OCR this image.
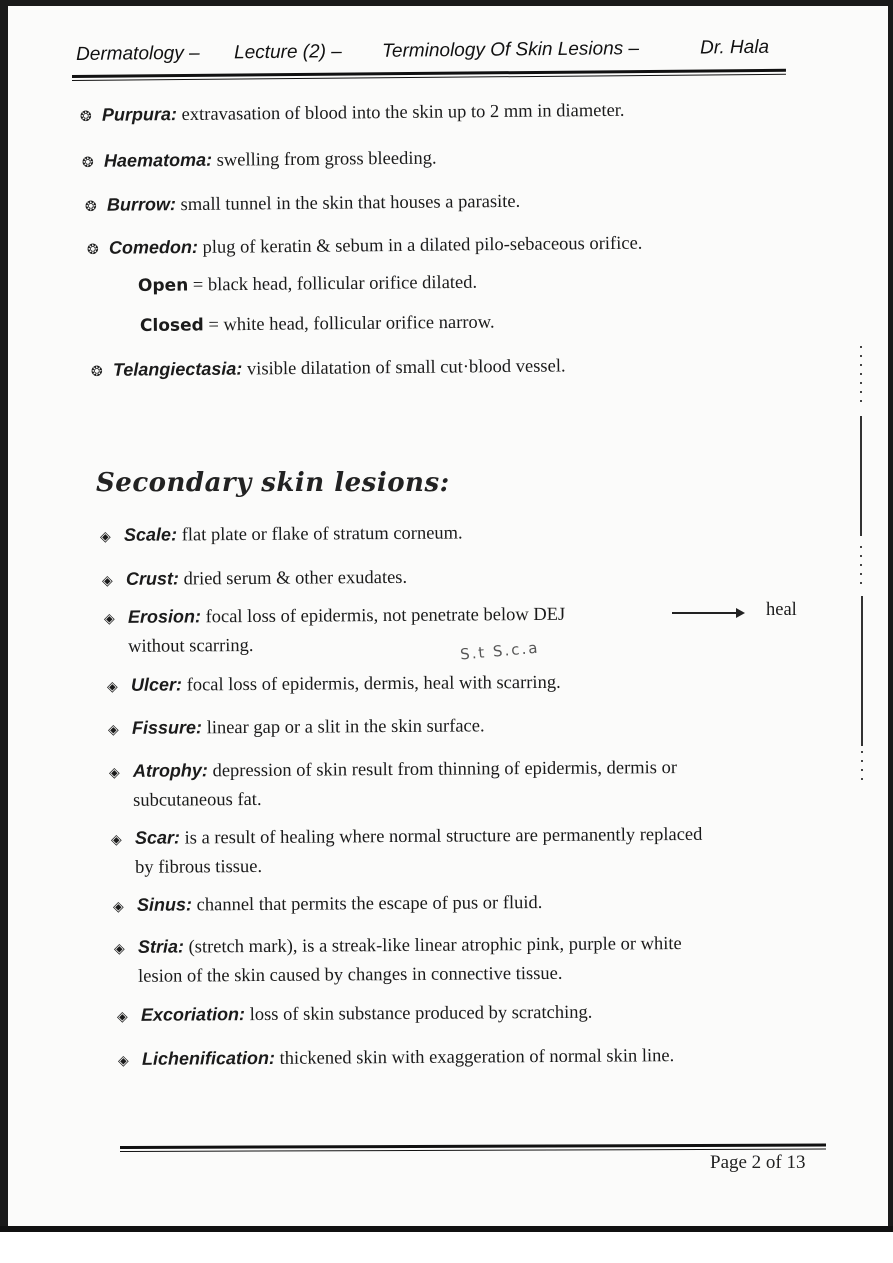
Dermatology – Lecture (2) – Terminology Of Skin Lesions –	Dr. Hala
❂ Purpura: extravasation of blood into the skin up to 2 mm in diameter.
❂ Haematoma: swelling from gross bleeding.
❂ Burrow: small tunnel in the skin that houses a parasite.
❂ Comedon: plug of keratin & sebum in a dilated pilo-sebaceous orifice.
Open = black head, follicular orifice dilated.
Closed = white head, follicular orifice narrow.
❂ Telangiectasia: visible dilatation of small cut·blood vessel.
Secondary skin lesions:
◈ Scale: flat plate or flake of stratum corneum.
◈ Crust: dried serum & other exudates.
◈ Erosion: focal loss of epidermis, not penetrate below DEJ
without scarring.
heal
S.t S.c.a
◈ Ulcer: focal loss of epidermis, dermis, heal with scarring.
◈ Fissure: linear gap or a slit in the skin surface.
◈ Atrophy: depression of skin result from thinning of epidermis, dermis or
subcutaneous fat.
◈ Scar: is a result of healing where normal structure are permanently replaced
by fibrous tissue.
◈ Sinus: channel that permits the escape of pus or fluid.
◈ Stria: (stretch mark), is a streak-like linear atrophic pink, purple or white
lesion of the skin caused by changes in connective tissue.
◈ Excoriation: loss of skin substance produced by scratching.
◈ Lichenification: thickened skin with exaggeration of normal skin line.
Page 2 of 13
